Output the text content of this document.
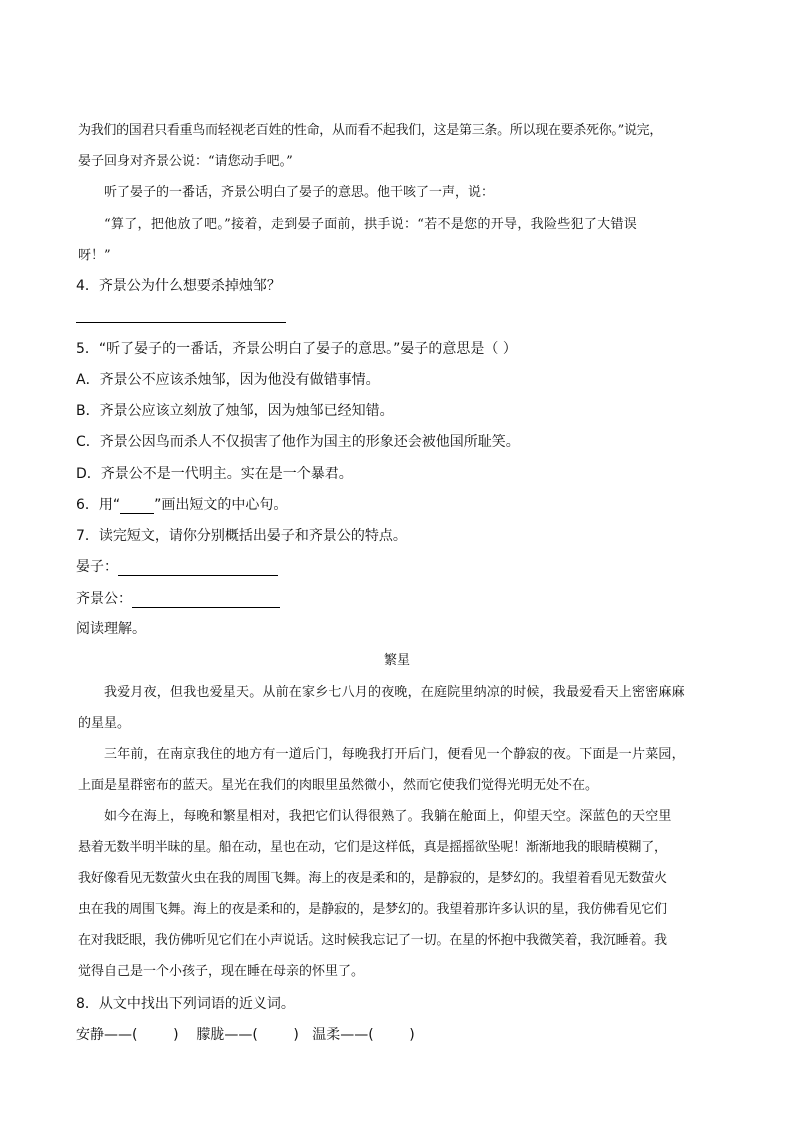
为我们的国君只看重鸟而轻视老百姓的性命，从而看不起我们，这是第三条。所以现在要杀死你。”说完，
晏子回身对齐景公说：“请您动手吧。”
听了晏子的一番话，齐景公明白了晏子的意思。他干咳了一声，说：
“算了，把他放了吧。”接着，走到晏子面前，拱手说：“若不是您的开导，我险些犯了大错误
呀！”
4．齐景公为什么想要杀掉烛邹？
5．“听了晏子的一番话，齐景公明白了晏子的意思。”晏子的意思是（ ）
A．齐景公不应该杀烛邹，因为他没有做错事情。
B．齐景公应该立刻放了烛邹，因为烛邹已经知错。
C．齐景公因鸟而杀人不仅损害了他作为国主的形象还会被他国所耻笑。
D．齐景公不是一代明主。实在是一个暴君。
6．用“ ”画出短文的中心句。
7．读完短文，请你分别概括出晏子和齐景公的特点。
晏子：
齐景公：
阅读理解。
繁星
我爱月夜，但我也爱星天。从前在家乡七八月的夜晚，在庭院里纳凉的时候，我最爱看天上密密麻麻
的星星。
三年前，在南京我住的地方有一道后门，每晚我打开后门，便看见一个静寂的夜。下面是一片菜园，
上面是星群密布的蓝天。星光在我们的肉眼里虽然微小，然而它使我们觉得光明无处不在。
如今在海上，每晚和繁星相对，我把它们认得很熟了。我躺在舱面上，仰望天空。深蓝色的天空里
悬着无数半明半昧的星。船在动，星也在动，它们是这样低，真是摇摇欲坠呢！渐渐地我的眼睛模糊了，
我好像看见无数萤火虫在我的周围飞舞。海上的夜是柔和的，是静寂的，是梦幻的。我望着看见无数萤火
虫在我的周围飞舞。海上的夜是柔和的，是静寂的，是梦幻的。我望着那许多认识的星，我仿佛看见它们
在对我眨眼，我仿佛听见它们在小声说话。这时候我忘记了一切。在星的怀抱中我微笑着，我沉睡着。我
觉得自己是一个小孩子，现在睡在母亲的怀里了。
8．从文中找出下列词语的近义词。
安静——(        )    朦胧——(        )   温柔——(        )
